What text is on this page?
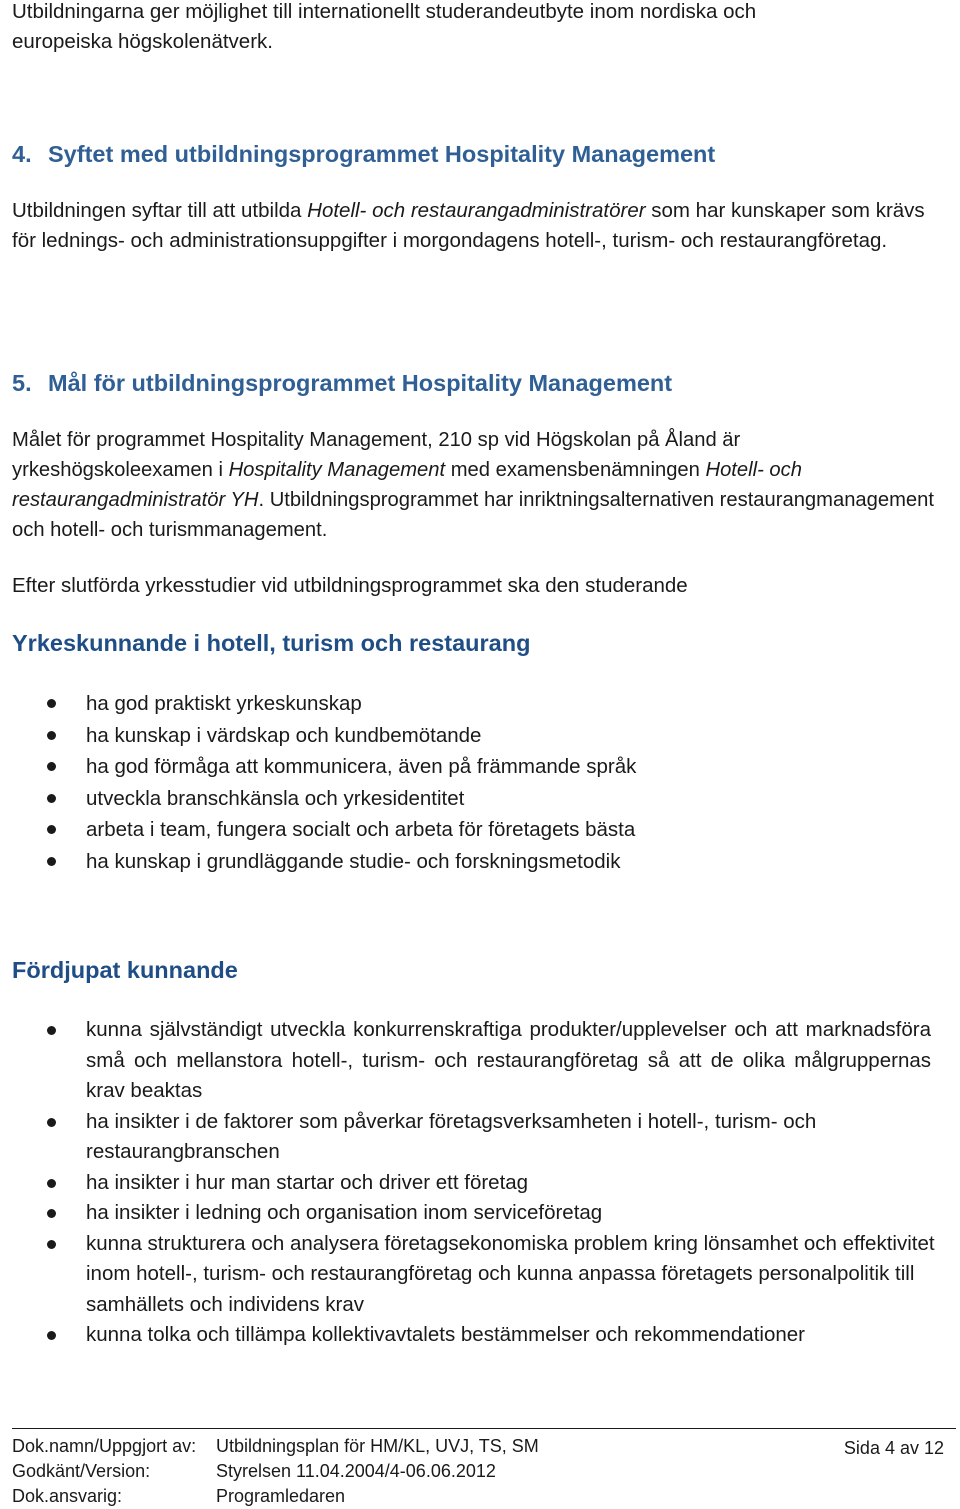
Utbildningarna ger möjlighet till internationellt studerandeutbyte inom nordiska och
europeiska högskolenätverk.

4. Syftet med utbildningsprogrammet Hospitality Management

Utbildningen syftar till att utbilda Hotell- och restaurangadministratörer som har kunskaper som krävs för lednings- och administrationsuppgifter i morgondagens hotell-, turism- och restaurangföretag.

5. Mål för utbildningsprogrammet Hospitality Management

Målet för programmet Hospitality Management, 210 sp vid Högskolan på Åland är yrkeshögskoleexamen i Hospitality Management med examensbenämningen Hotell- och restaurangadministratör YH. Utbildningsprogrammet har inriktningsalternativen restaurangmanagement och hotell- och turismmanagement.

Efter slutförda yrkesstudier vid utbildningsprogrammet ska den studerande

Yrkeskunnande i hotell, turism och restaurang
ha god praktiskt yrkeskunskap
ha kunskap i värdskap och kundbemötande
ha god förmåga att kommunicera, även på främmande språk
utveckla branschkänsla och yrkesidentitet
arbeta i team, fungera socialt och arbeta för företagets bästa
ha kunskap i grundläggande studie- och forskningsmetodik
Fördjupat kunnande
kunna självständigt utveckla konkurrenskraftiga produkter/upplevelser och att marknadsföra små och mellanstora hotell-, turism- och restaurangföretag så att de olika målgruppernas krav beaktas
ha insikter i de faktorer som påverkar företagsverksamheten i hotell-, turism- och restaurangbranschen
ha insikter i hur man startar och driver ett företag
ha insikter i ledning och organisation inom serviceföretag
kunna strukturera och analysera företagsekonomiska problem kring lönsamhet och effektivitet inom hotell-, turism- och restaurangföretag och kunna anpassa företagets personalpolitik till samhällets och individens krav
kunna tolka och tillämpa kollektivavtalets bestämmelser och rekommendationer
Dok.namn/Uppgjort av: Utbildningsplan för HM/KL, UVJ, TS, SM
Godkänt/Version:	Styrelsen 11.04.2004/4-06.06.2012
Dok.ansvarig:	Programledaren
Sida 4 av 12
